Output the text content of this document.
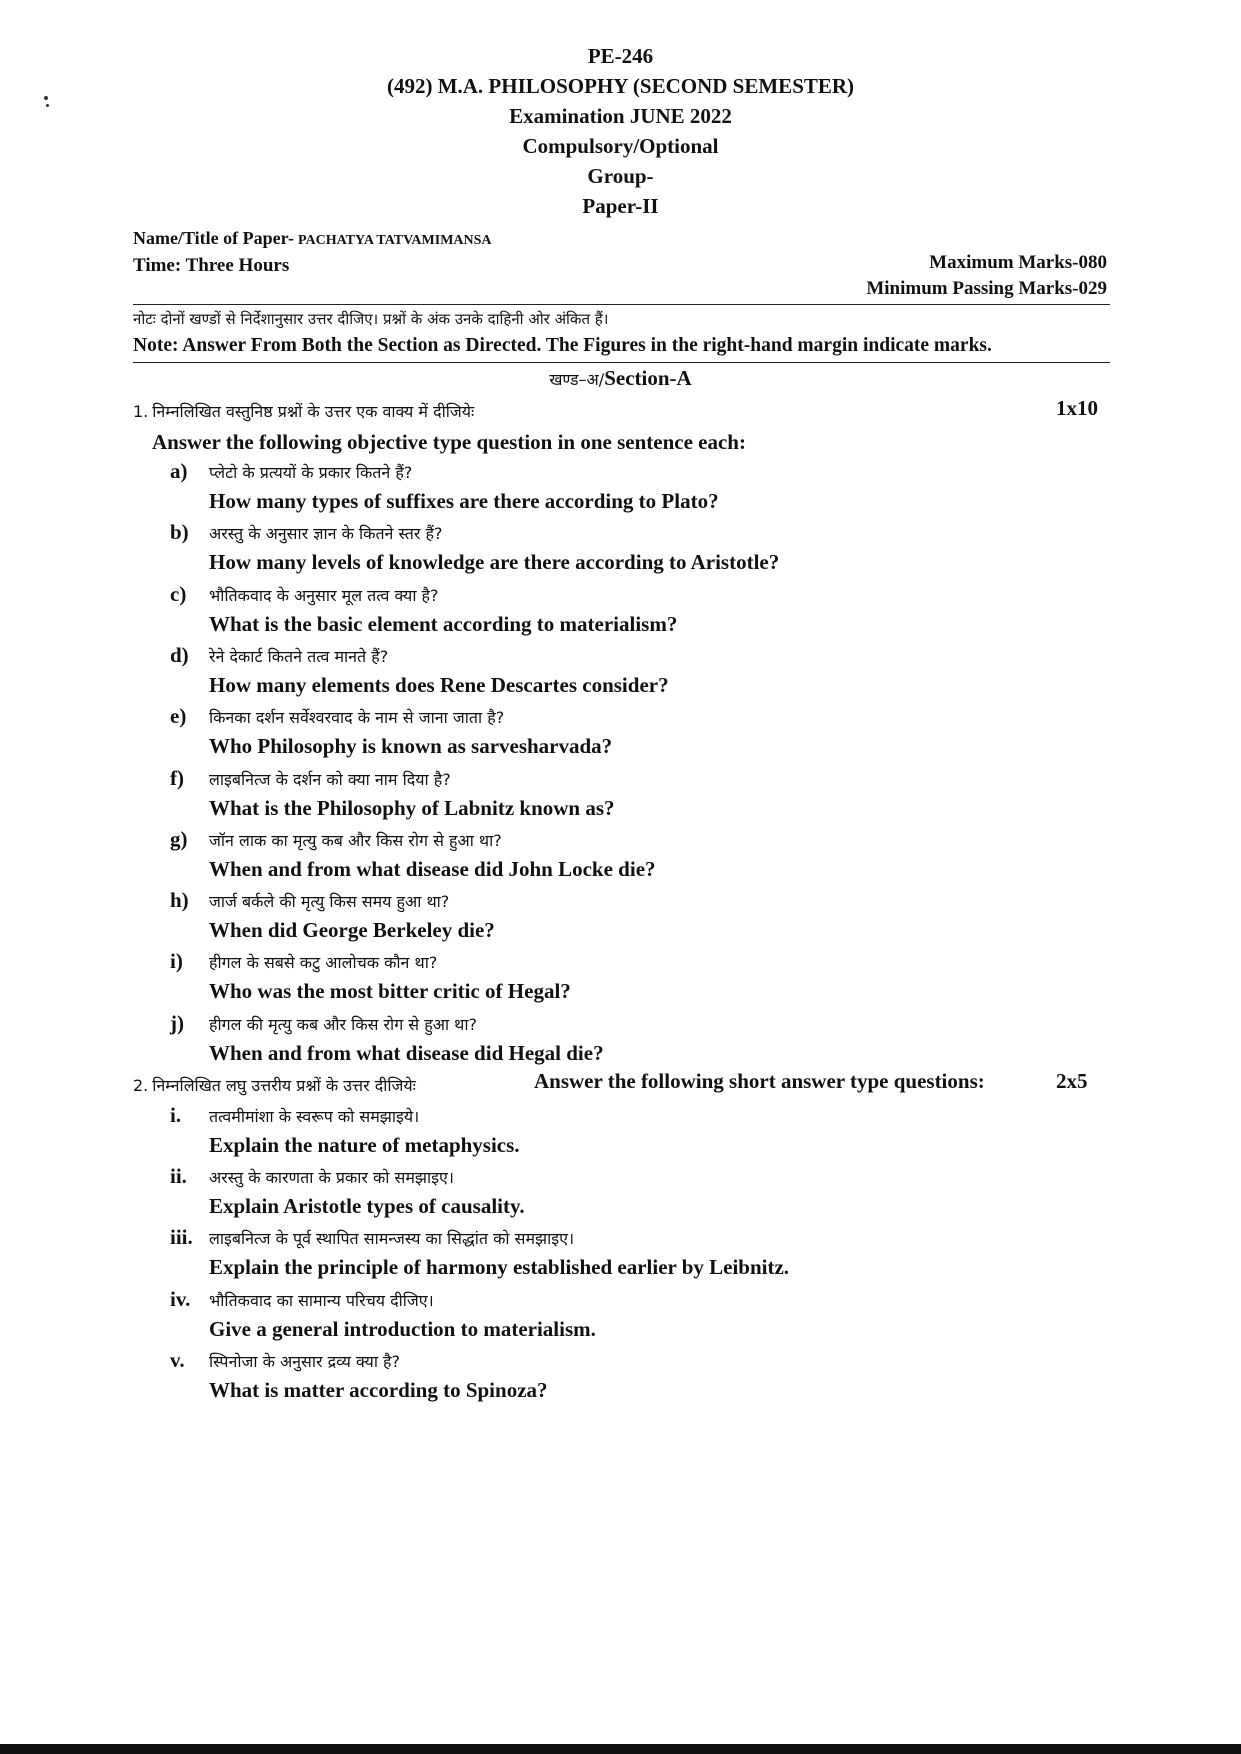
PE-246
(492) M.A. PHILOSOPHY (SECOND SEMESTER)
Examination JUNE 2022
Compulsory/Optional
Group-
Paper-II
Name/Title of Paper- PACHATYA TATVAMIMANSA
Time: Three Hours	Maximum Marks-080
Minimum Passing Marks-029
नोटः दोनों खण्डों से निर्देशानुसार उत्तर दीजिए। प्रश्नों के अंक उनके दाहिनी ओर अंकित हैं।
Note: Answer From Both the Section as Directed. The Figures in the right-hand margin indicate marks.
खण्ड–अ/Section-A
1. निम्नलिखित वस्तुनिष्ठ प्रश्नों के उत्तर एक वाक्य में दीजियेः	1x10
Answer the following objective type question in one sentence each:
a) प्लेटो के प्रत्ययों के प्रकार कितने हैं?
How many types of suffixes are there according to Plato?
b) अरस्तु के अनुसार ज्ञान के कितने स्तर हैं?
How many levels of knowledge are there according to Aristotle?
c) भौतिकवाद के अनुसार मूल तत्व क्या है?
What is the basic element according to materialism?
d) रेने देकार्ट कितने तत्व मानते हैं?
How many elements does Rene Descartes consider?
e) किनका दर्शन सर्वेश्वरवाद के नाम से जाना जाता है?
Who Philosophy is known as sarvesharvada?
f) लाइबनित्ज के दर्शन को क्या नाम दिया है?
What is the Philosophy of Labnitz known as?
g) जॉन लाक का मृत्यु कब और किस रोग से हुआ था?
When and from what disease did John Locke die?
h) जार्ज बर्कले की मृत्यु किस समय हुआ था?
When did George Berkeley die?
i) हीगल के सबसे कटु आलोचक कौन था?
Who was the most bitter critic of Hegal?
j) हीगल की मृत्यु कब और किस रोग से हुआ था?
When and from what disease did Hegal die?
2. निम्नलिखित लघु उत्तरीय प्रश्नों के उत्तर दीजियेः	Answer the following short answer type questions:	2x5
i. तत्वमीमांशा के स्वरूप को समझाइये।
Explain the nature of metaphysics.
ii. अरस्तु के कारणता के प्रकार को समझाइए।
Explain Aristotle types of causality.
iii. लाइबनित्ज के पूर्व स्थापित सामन्जस्य का सिद्धांत को समझाइए।
Explain the principle of harmony established earlier by Leibnitz.
iv. भौतिकवाद का सामान्य परिचय दीजिए।
Give a general introduction to materialism.
v. स्पिनोजा के अनुसार द्रव्य क्या है?
What is matter according to Spinoza?
